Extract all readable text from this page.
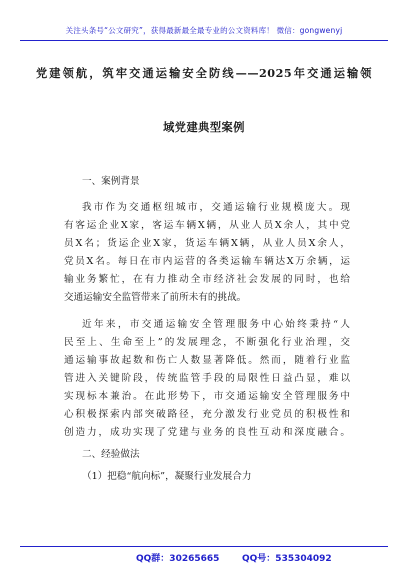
关注头条号“公文研究”，获得最新最全最专业的公文资料库！ 微信：gongwenyj
党建领航，筑牢交通运输安全防线——2025年交通运输领
域党建典型案例
一、案例背景
我市作为交通枢纽城市，交通运输行业规模庞大。现
有客运企业X家，客运车辆X辆，从业人员X余人，其中党
员X名；货运企业X家，货运车辆X辆，从业人员X余人，
党员X名。每日在市内运营的各类运输车辆达X万余辆，运
输业务繁忙，在有力推动全市经济社会发展的同时，也给
交通运输安全监管带来了前所未有的挑战。
近年来，市交通运输安全管理服务中心始终秉持“人
民至上、生命至上”的发展理念，不断强化行业治理，交
通运输事故起数和伤亡人数显著降低。然而，随着行业监
管进入关键阶段，传统监管手段的局限性日益凸显，难以
实现标本兼治。在此形势下，市交通运输安全管理服务中
心积极探索内部突破路径，充分激发行业党员的积极性和
创造力，成功实现了党建与业务的良性互动和深度融合。
二、经验做法
（1）把稳“航向标”，凝聚行业发展合力
QQ群：30265665	QQ号：535304092
